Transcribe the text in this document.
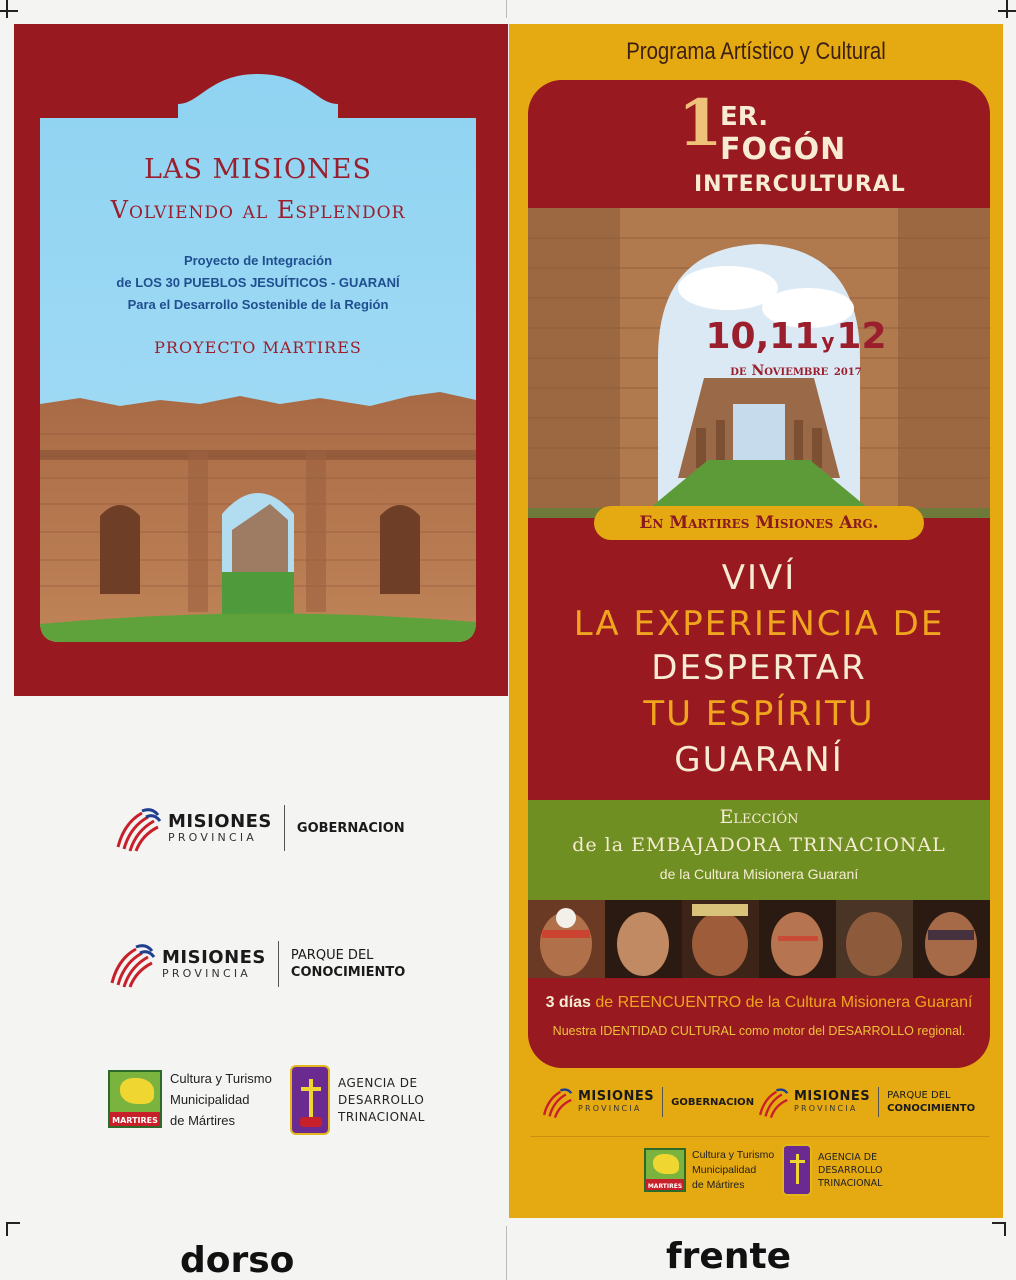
LAS MISIONES
Volviendo al Esplendor
Proyecto de Integración
de LOS 30 PUEBLOS JESUÍTICOS - GUARANÍ
Para el Desarrollo Sostenible de la Región
PROYECTO MARTIRES
MISIONES
PROVINCIA
GOBERNACION
MISIONES
PROVINCIA
PARQUE DEL
CONOCIMIENTO
MARTIRES
Cultura y Turismo
Municipalidad
de Mártires
AGENCIA DE
DESARROLLO
TRINACIONAL
dorso
Programa Artístico y Cultural
1
ER.
FOGÓN
INTERCULTURAL
10,11 y12
de Noviembre 2017
En Martires Misiones Arg.
VIVÍ
LA EXPERIENCIA DE
DESPERTAR
TU ESPÍRITU
GUARANÍ
Elección
de la EMBAJADORA TRINACIONAL
de la Cultura Misionera Guaraní
3 días de REENCUENTRO de la Cultura Misionera Guaraní
Nuestra IDENTIDAD CULTURAL como motor del DESARROLLO regional.
MISIONES
PROVINCIA
GOBERNACION	MISIONES
PROVINCIA
PARQUE DEL
CONOCIMIENTO
MARTIRES
Cultura y Turismo
Municipalidad
de Mártires
AGENCIA DE
DESARROLLO
TRINACIONAL
frente
